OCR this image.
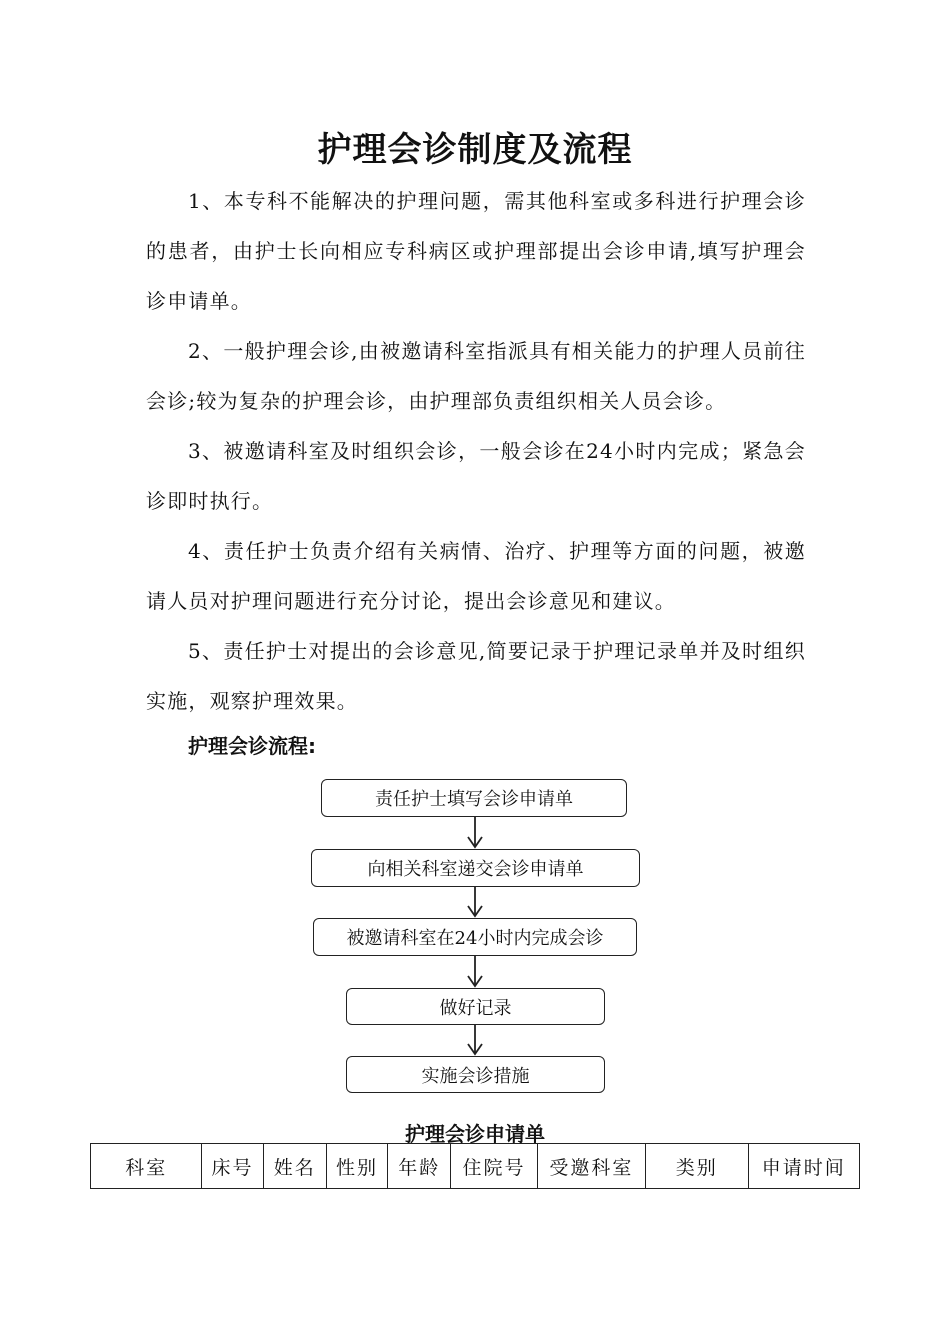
护理会诊制度及流程

1、本专科不能解决的护理问题，需其他科室或多科进行护理会诊的患者，由护士长向相应专科病区或护理部提出会诊申请,填写护理会诊申请单。

2、一般护理会诊,由被邀请科室指派具有相关能力的护理人员前往会诊;较为复杂的护理会诊，由护理部负责组织相关人员会诊。

3、被邀请科室及时组织会诊，一般会诊在24小时内完成；紧急会诊即时执行。

4、责任护士负责介绍有关病情、治疗、护理等方面的问题，被邀请人员对护理问题进行充分讨论，提出会诊意见和建议。

5、责任护士对提出的会诊意见,简要记录于护理记录单并及时组织实施，观察护理效果。

护理会诊流程:
责任护士填写会诊申请单
向相关科室递交会诊申请单
被邀请科室在24小时内完成会诊
做好记录
实施会诊措施
护理会诊申请单
科室	床号	姓名	性别	年龄	住院号	受邀科室	类别	申请时间
